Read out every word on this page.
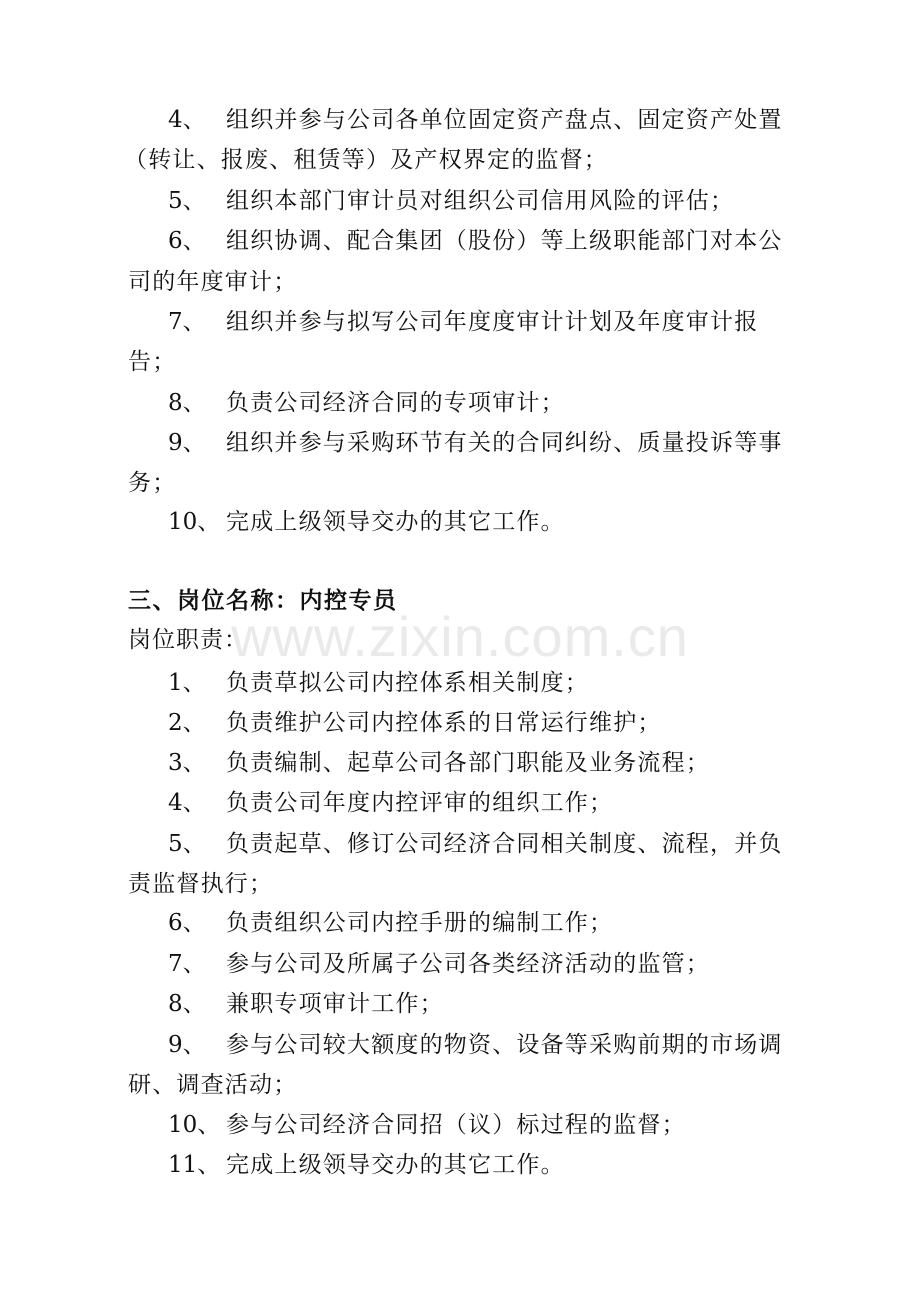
4、 组织并参与公司各单位固定资产盘点、固定资产处置
（转让、报废、租赁等）及产权界定的监督；
5、 组织本部门审计员对组织公司信用风险的评估；
6、 组织协调、配合集团（股份）等上级职能部门对本公
司的年度审计；
7、 组织并参与拟写公司年度度审计计划及年度审计报
告；
8、 负责公司经济合同的专项审计；
9、 组织并参与采购环节有关的合同纠纷、质量投诉等事
务；
10、 完成上级领导交办的其它工作。
三、岗位名称：内控专员
岗位职责：
1、 负责草拟公司内控体系相关制度；
2、 负责维护公司内控体系的日常运行维护；
3、 负责编制、起草公司各部门职能及业务流程；
4、 负责公司年度内控评审的组织工作；
5、 负责起草、修订公司经济合同相关制度、流程，并负
责监督执行；
6、 负责组织公司内控手册的编制工作；
7、 参与公司及所属子公司各类经济活动的监管；
8、 兼职专项审计工作；
9、 参与公司较大额度的物资、设备等采购前期的市场调
研、调查活动；
10、 参与公司经济合同招（议）标过程的监督；
11、 完成上级领导交办的其它工作。
www.zixin.com.cn
